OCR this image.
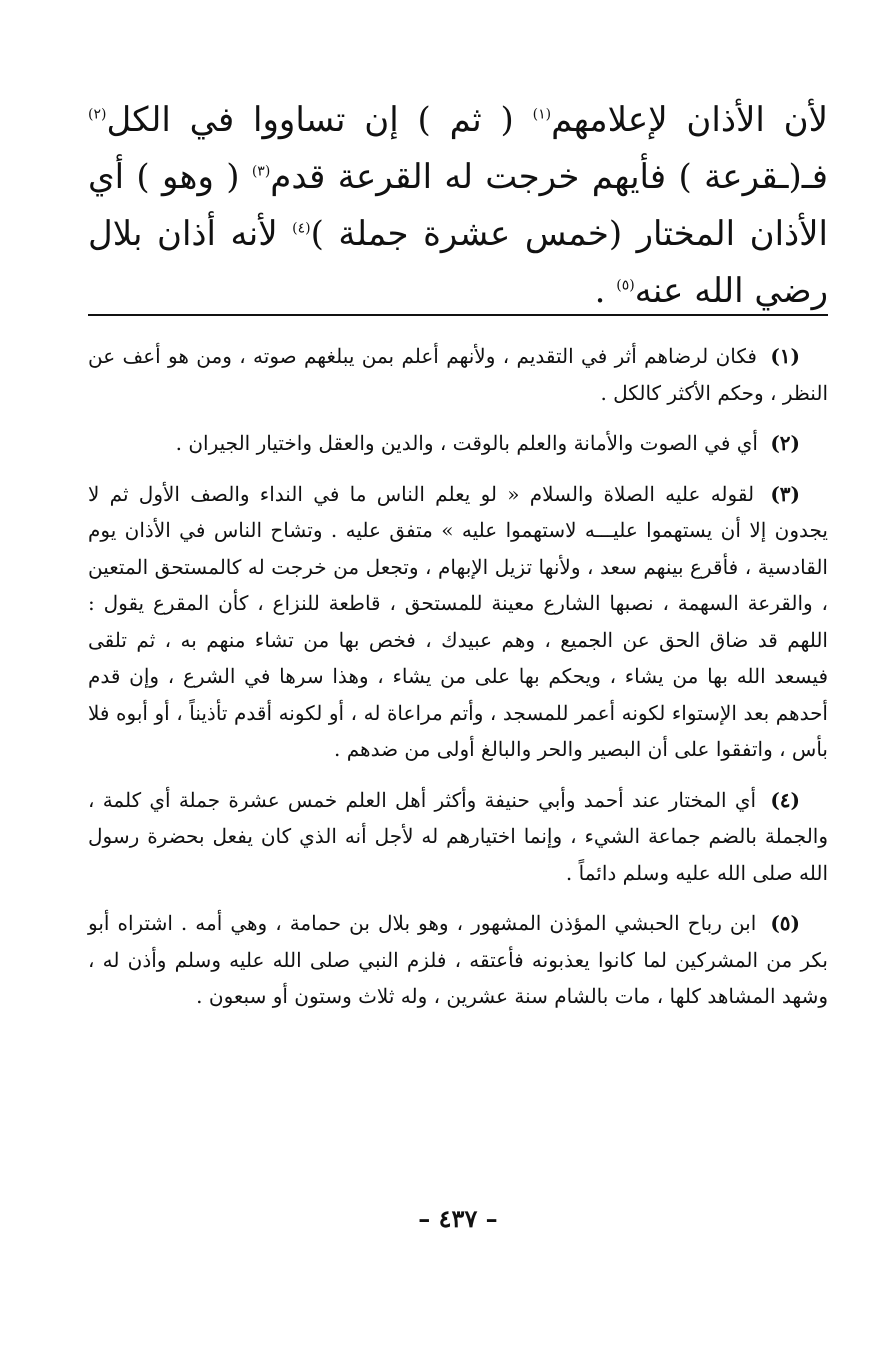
لأن الأذان لإعلامهم$^{(١)}$ ( ثم ) إن تساووا في الكل$^{(٢)}$ فـ(ـقرعة ) فأيهم خرجت له القرعة قدم$^{(٣)}$ ( وهو ) أي الأذان المختار (خمس عشرة جملة )$^{(٤)}$ لأنه أذان بلال رضي الله عنه$^{(٥)}$ .

(١) فكان لرضاهم أثر في التقديم ، ولأنهم أعلم بمن يبلغهم صوته ، ومن هو أعف عن النظر ، وحكم الأكثر كالكل .

(٢) أي في الصوت والأمانة والعلم بالوقت ، والدين والعقل واختيار الجيران .

(٣) لقوله عليه الصلاة والسلام « لو يعلم الناس ما في النداء والصف الأول ثم لا يجدون إلا أن يستهموا عليـــه لاستهموا عليه » متفق عليه . وتشاح الناس في الأذان يوم القادسية ، فأقرع بينهم سعد ، ولأنها تزيل الإبهام ، وتجعل من خرجت له كالمستحق المتعين ، والقرعة السهمة ، نصبها الشارع معينة للمستحق ، قاطعة للنزاع ، كأن المقرع يقول : اللهم قد ضاق الحق عن الجميع ، وهم عبيدك ، فخص بها من تشاء منهم به ، ثم تلقى فيسعد الله بها من يشاء ، ويحكم بها على من يشاء ، وهذا سرها في الشرع ، وإن قدم أحدهم بعد الإستواء لكونه أعمر للمسجد ، وأتم مراعاة له ، أو لكونه أقدم تأذيناً ، أو أبوه فلا بأس ، واتفقوا على أن البصير والحر والبالغ أولى من ضدهم .

(٤) أي المختار عند أحمد وأبي حنيفة وأكثر أهل العلم خمس عشرة جملة أي كلمة ، والجملة بالضم جماعة الشيء ، وإنما اختيارهم له لأجل أنه الذي كان يفعل بحضرة رسول الله صلى الله عليه وسلم دائماً .

(٥) ابن رباح الحبشي المؤذن المشهور ، وهو بلال بن حمامة ، وهي أمه . اشتراه أبو بكر من المشركين لما كانوا يعذبونه فأعتقه ، فلزم النبي صلى الله عليه وسلم وأذن له ، وشهد المشاهد كلها ، مات بالشام سنة عشرين ، وله ثلاث وستون أو سبعون .

– ٤٣٧ –
